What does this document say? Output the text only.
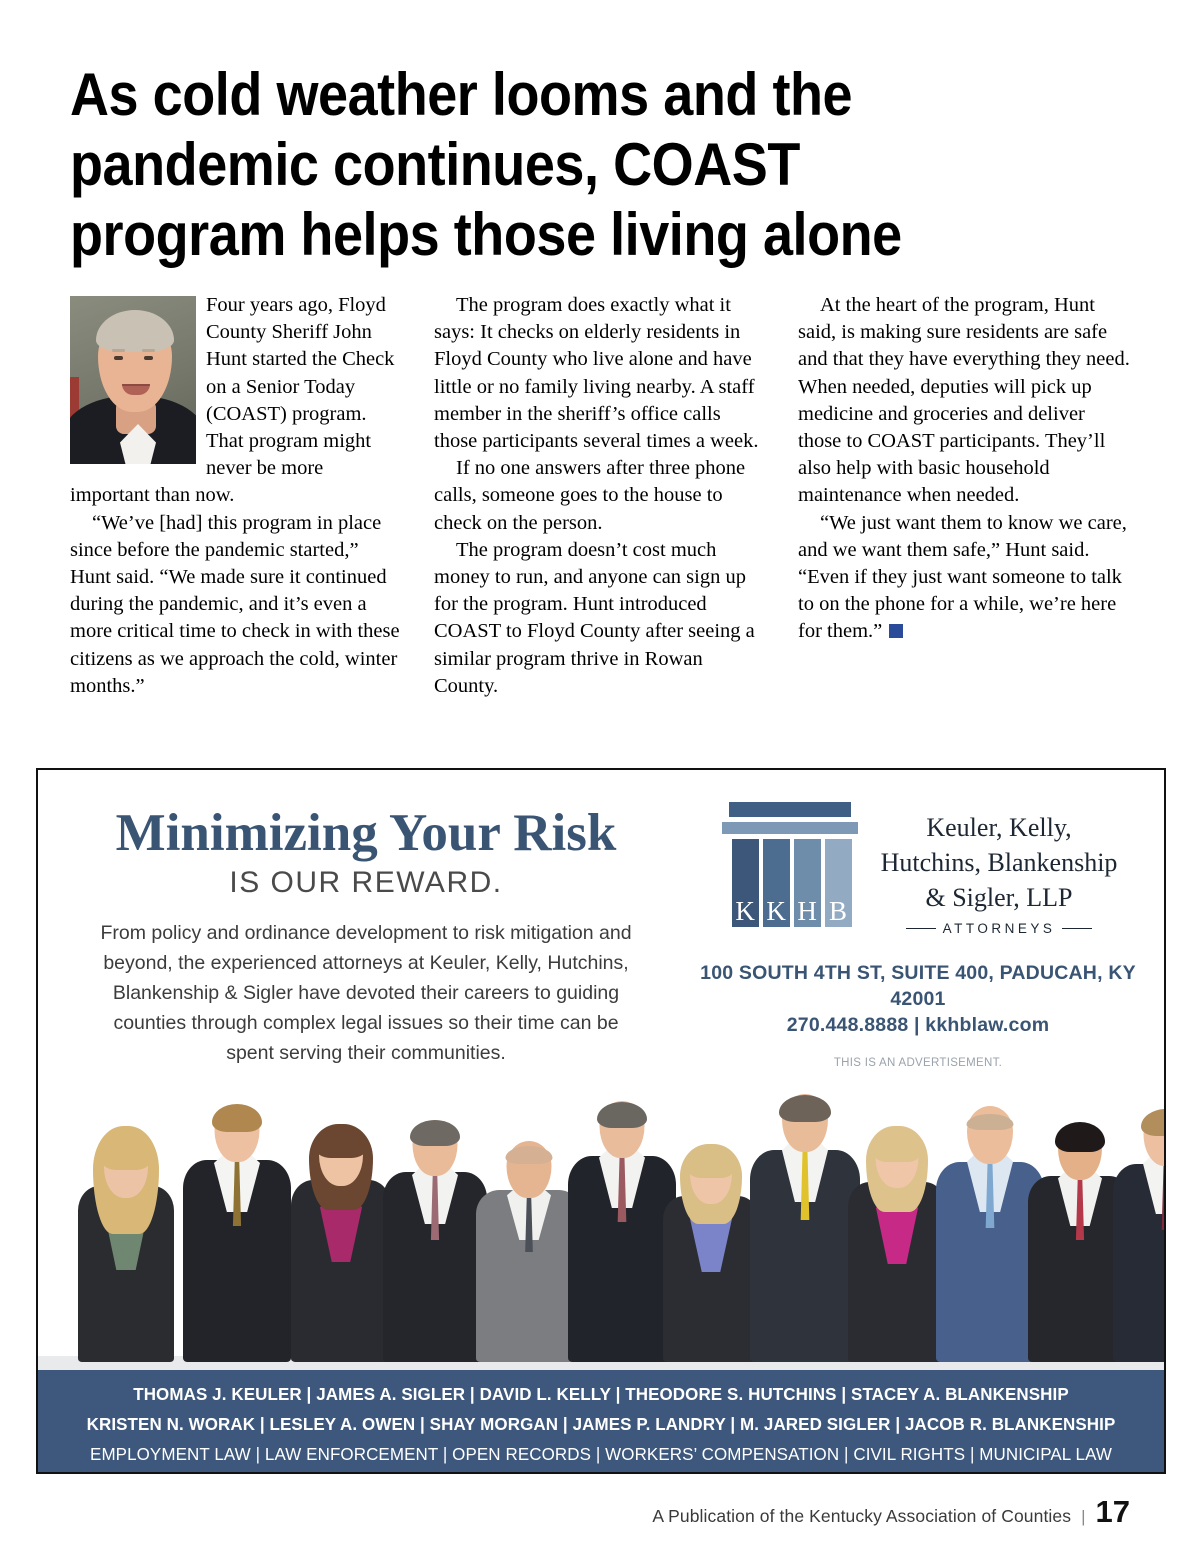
As cold weather looms and the pandemic continues, COAST program helps those living alone

Four years ago, Floyd County Sheriff John Hunt started the Check on a Senior Today (COAST) program. That program might never be more important than now.

“We’ve [had] this program in place since before the pandemic started,” Hunt said. “We made sure it continued during the pandemic, and it’s even a more critical time to check in with these citizens as we approach the cold, winter months.”

The program does exactly what it says: It checks on elderly residents in Floyd County who live alone and have little or no family living nearby. A staff member in the sheriff’s office calls those participants several times a week.

If no one answers after three phone calls, someone goes to the house to check on the person.

The program doesn’t cost much money to run, and anyone can sign up for the program. Hunt introduced COAST to Floyd County after seeing a similar program thrive in Rowan County.

At the heart of the program, Hunt said, is making sure residents are safe and that they have everything they need. When needed, deputies will pick up medicine and groceries and deliver those to COAST participants. They’ll also help with basic household maintenance when needed.

“We just want them to know we care, and we want them safe,” Hunt said. “Even if they just want someone to talk to on the phone for a while, we’re here for them.”

Minimizing Your Risk
IS OUR REWARD.
From policy and ordinance development to risk mitigation and beyond, the experienced attorneys at Keuler, Kelly, Hutchins, Blankenship & Sigler have devoted their careers to guiding counties through complex legal issues so their time can be spent serving their communities.
K K H B
Keuler, Kelly,
Hutchins, Blankenship
& Sigler, LLP
ATTORNEYS
100 SOUTH 4TH ST, SUITE 400, PADUCAH, KY 42001
270.448.8888 | kkhblaw.com
THIS IS AN ADVERTISEMENT.
THOMAS J. KEULER | JAMES A. SIGLER | DAVID L. KELLY | THEODORE S. HUTCHINS | STACEY A. BLANKENSHIP
KRISTEN N. WORAK | LESLEY A. OWEN | SHAY MORGAN | JAMES P. LANDRY | M. JARED SIGLER | JACOB R. BLANKENSHIP
EMPLOYMENT LAW | LAW ENFORCEMENT | OPEN RECORDS | WORKERS’ COMPENSATION | CIVIL RIGHTS | MUNICIPAL LAW
A Publication of the Kentucky Association of Counties | 17
